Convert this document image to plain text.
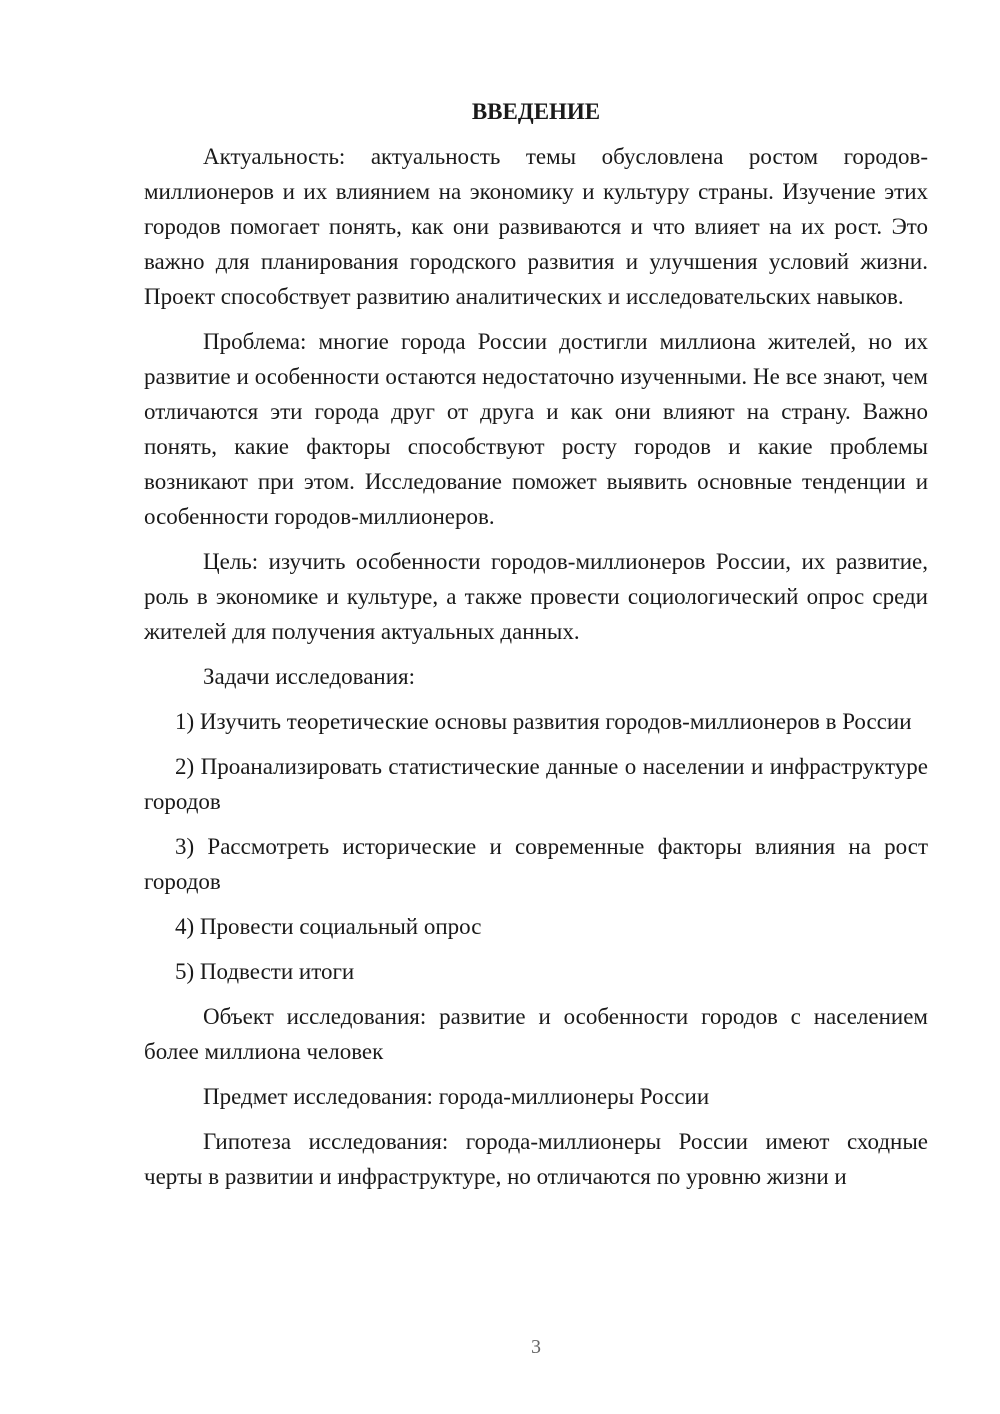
ВВЕДЕНИЕ

Актуальность: актуальность темы обусловлена ростом городов-миллионеров и их влиянием на экономику и культуру страны. Изучение этих городов помогает понять, как они развиваются и что влияет на их рост. Это важно для планирования городского развития и улучшения условий жизни. Проект способствует развитию аналитических и исследовательских навыков.

Проблема: многие города России достигли миллиона жителей, но их развитие и особенности остаются недостаточно изученными. Не все знают, чем отличаются эти города друг от друга и как они влияют на страну. Важно понять, какие факторы способствуют росту городов и какие проблемы возникают при этом. Исследование поможет выявить основные тенденции и особенности городов-миллионеров.

Цель: изучить особенности городов-миллионеров России, их развитие, роль в экономике и культуре, а также провести социологический опрос среди жителей для получения актуальных данных.

Задачи исследования:

1) Изучить теоретические основы развития городов-миллионеров в России

2) Проанализировать статистические данные о населении и инфраструктуре городов

3) Рассмотреть исторические и современные факторы влияния на рост городов

4) Провести социальный опрос

5) Подвести итоги

Объект исследования: развитие и особенности городов с населением более миллиона человек

Предмет исследования: города-миллионеры России

Гипотеза исследования: города-миллионеры России имеют сходные черты в развитии и инфраструктуре, но отличаются по уровню жизни и

3
